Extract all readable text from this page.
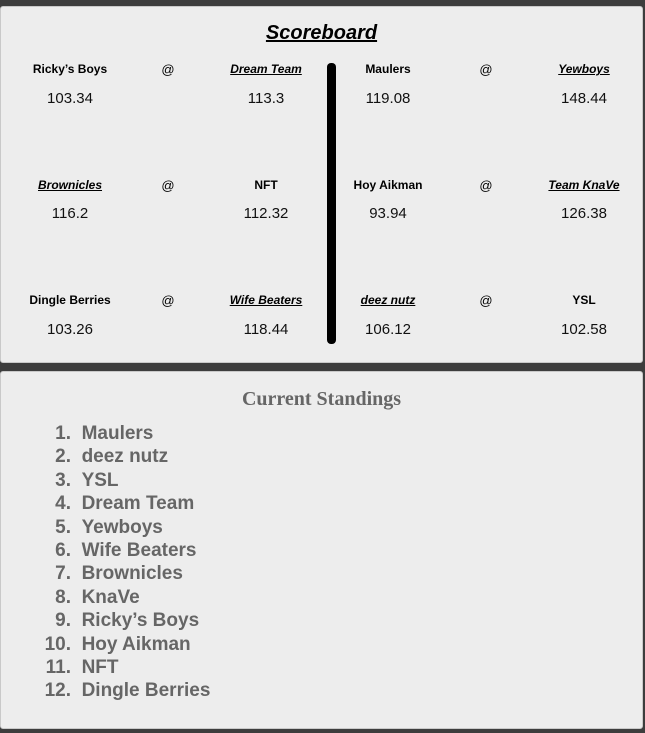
Scoreboard
Ricky’s Boys	@	Dream Team
103.34	113.3
Maulers	@	Yewboys
119.08	148.44
Brownicles	@	NFT
116.2	112.32
Hoy Aikman	@	Team KnaVe
93.94	126.38
Dingle Berries	@	Wife Beaters
103.26	118.44
deez nutz	@	YSL
106.12	102.58
Current Standings
1. Maulers
2. deez nutz
3. YSL
4. Dream Team
5. Yewboys
6. Wife Beaters
7. Brownicles
8. KnaVe
9. Ricky’s Boys
10. Hoy Aikman
11. NFT
12. Dingle Berries
